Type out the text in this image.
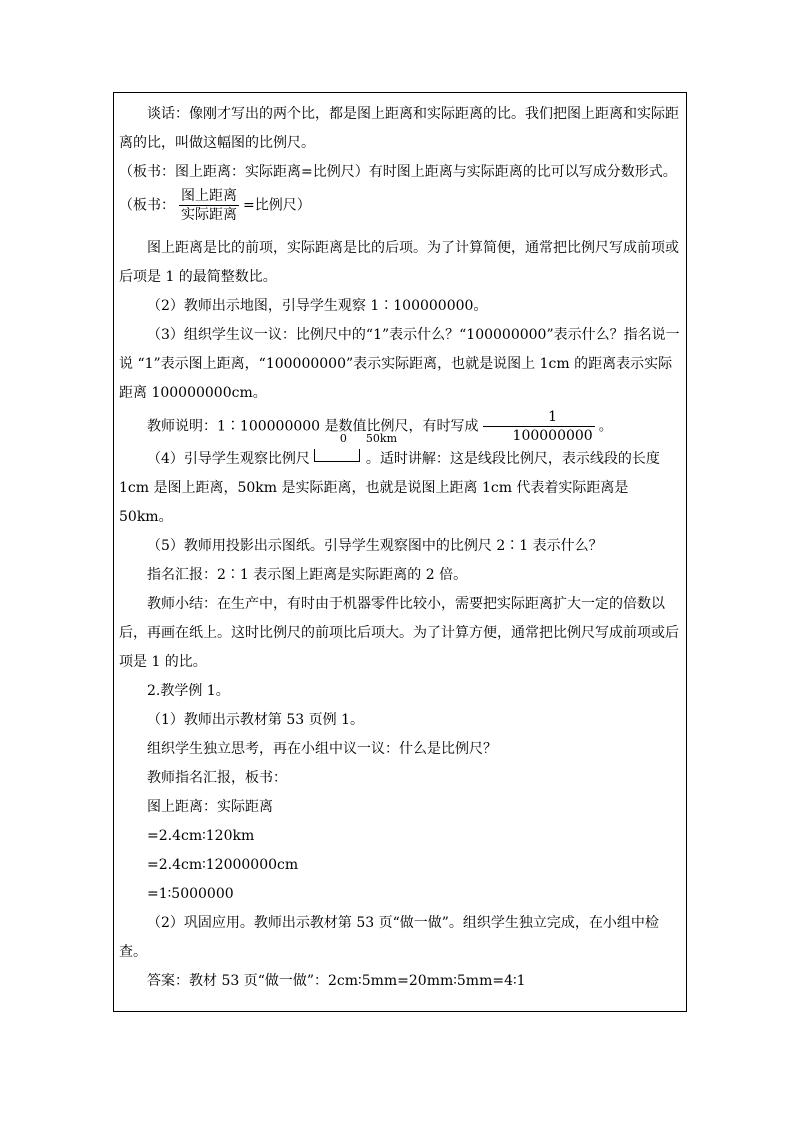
谈话：像刚才写出的两个比，都是图上距离和实际距离的比。我们把图上距离和实际距离的比，叫做这幅图的比例尺。

（板书：图上距离：实际距离=比例尺）有时图上距离与实际距离的比可以写成分数形式。（板书： $\frac{\text{图上距离}}{\text{实际距离}}$ =比例尺）

图上距离是比的前项，实际距离是比的后项。为了计算简便，通常把比例尺写成前项或后项是 1 的最简整数比。

（2）教师出示地图，引导学生观察 1∶100000000。

（3）组织学生议一议：比例尺中的“1”表示什么？“100000000”表示什么？指名说一说 “1”表示图上距离，“100000000”表示实际距离，也就是说图上 1cm 的距离表示实际距离 100000000cm。

教师说明：1∶100000000 是数值比例尺，有时写成 $\frac{1}{100000000}$ 。

（4）引导学生观察比例尺
0	50km
。适时讲解：这是线段比例尺，表示线段的长度 1cm 是图上距离，50km 是实际距离，也就是说图上距离 1cm 代表着实际距离是 50km。

（5）教师用投影出示图纸。引导学生观察图中的比例尺 2∶1 表示什么？

指名汇报：2∶1 表示图上距离是实际距离的 2 倍。

教师小结：在生产中，有时由于机器零件比较小，需要把实际距离扩大一定的倍数以后，再画在纸上。这时比例尺的前项比后项大。为了计算方便，通常把比例尺写成前项或后项是 1 的比。

2.教学例 1。

（1）教师出示教材第 53 页例 1。

组织学生独立思考，再在小组中议一议：什么是比例尺？

教师指名汇报，板书：

图上距离：实际距离

=2.4cm∶120km

=2.4cm∶12000000cm

=1∶5000000

（2）巩固应用。教师出示教材第 53 页“做一做”。组织学生独立完成，在小组中检查。

答案：教材 53 页“做一做”：2cm∶5mm=20mm∶5mm=4∶1
